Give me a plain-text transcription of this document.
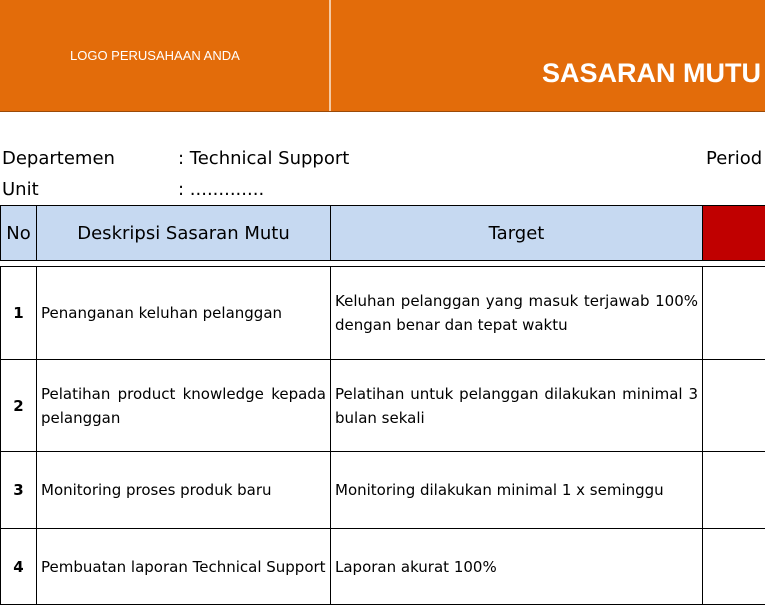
LOGO PERUSAHAAN ANDA
SASARAN MUTU
Departemen	: Technical Support	Period
Unit	: .............
No	Deskripsi Sasaran Mutu	Target	

1	Penanganan keluhan pelanggan	Keluhan pelanggan yang masuk terjawab 100% dengan benar dan tepat waktu	
2	Pelatihan product knowledge kepada pelanggan	Pelatihan untuk pelanggan dilakukan minimal 3 bulan sekali	
3	Monitoring proses produk baru	Monitoring dilakukan minimal 1 x seminggu	
4	Pembuatan laporan Technical Support	Laporan akurat 100%	
